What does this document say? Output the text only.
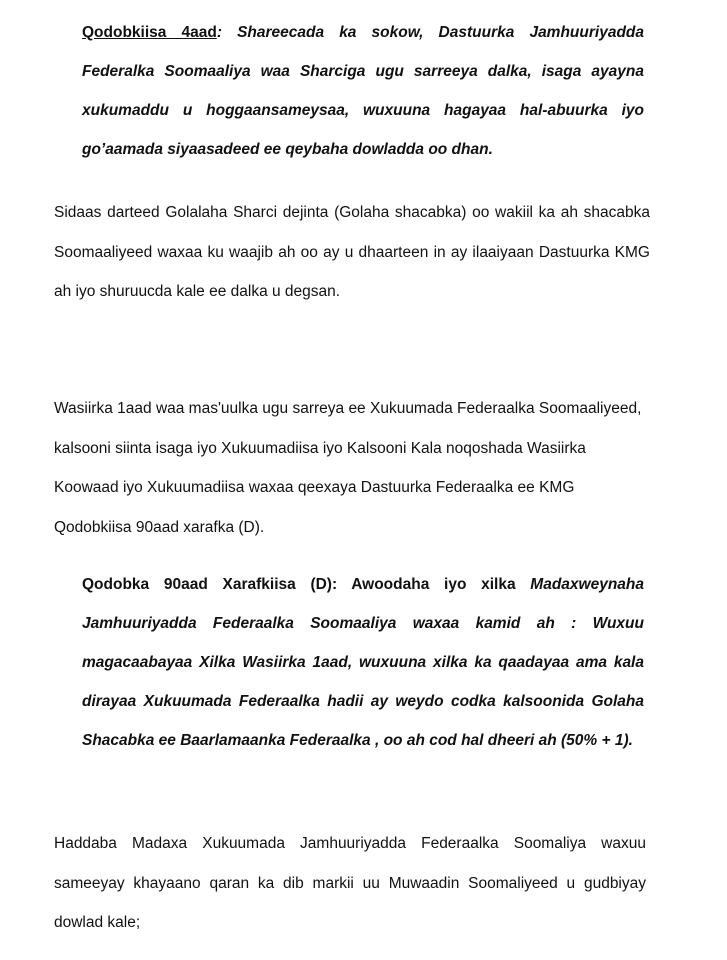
Qodobkiisa 4aad: Shareecada ka sokow, Dastuurka Jamhuuriyadda Federalka Soomaaliya waa Sharciga ugu sarreeya dalka, isaga ayayna xukumaddu u hoggaansameysaa, wuxuuna hagayaa hal-abuurka iyo go’aamada siyaasadeed ee qeybaha dowladda oo dhan.

Sidaas darteed Golalaha Sharci dejinta (Golaha shacabka) oo wakiil ka ah shacabka Soomaaliyeed waxaa ku waajib ah oo ay u dhaarteen in ay ilaaiyaan Dastuurka KMG ah iyo shuruucda kale ee dalka u degsan.

Wasiirka 1aad waa mas'uulka ugu sarreya ee Xukuumada Federaalka Soomaaliyeed, kalsooni siinta isaga iyo Xukuumadiisa iyo Kalsooni Kala noqoshada Wasiirka Koowaad iyo Xukuumadiisa waxaa qeexaya Dastuurka Federaalka ee KMG Qodobkiisa 90aad xarafka (D).

Qodobka 90aad Xarafkiisa (D): Awoodaha iyo xilka Madaxweynaha Jamhuuriyadda Federaalka Soomaaliya waxaa kamid ah : Wuxuu magacaabayaa Xilka Wasiirka 1aad, wuxuuna xilka ka qaadayaa ama kala dirayaa Xukuumada Federaalka hadii ay weydo codka kalsoonida Golaha Shacabka ee Baarlamaanka Federaalka , oo ah cod hal dheeri ah (50% + 1).

Haddaba Madaxa Xukuumada Jamhuuriyadda Federaalka Soomaliya waxuu sameeyay khayaano qaran ka dib markii uu Muwaadin Soomaliyeed u gudbiyay dowlad kale;
